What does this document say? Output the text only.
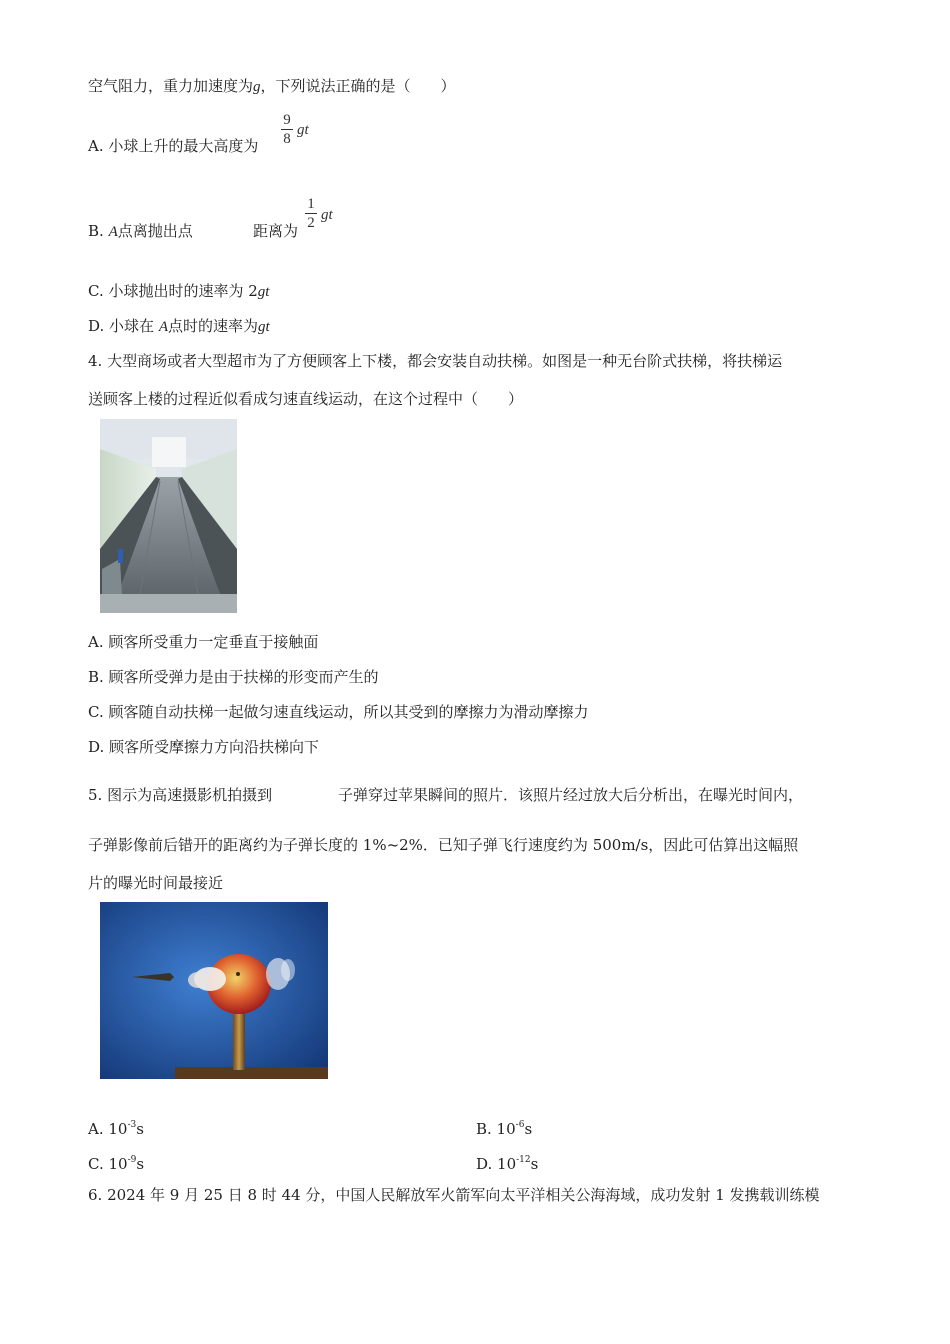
空气阻力，重力加速度为g，下列说法正确的是（　　）
A. 小球上升的最大高度为
9
8
gt
B. A点离抛出点	距离为
1
2 gt
C. 小球抛出时的速率为 2gt
D. 小球在 A点时的速率为gt
4. 大型商场或者大型超市为了方便顾客上下楼，都会安装自动扶梯。如图是一种无台阶式扶梯，将扶梯运
送顾客上楼的过程近似看成匀速直线运动，在这个过程中（　　）
A. 顾客所受重力一定垂直于接触面
B. 顾客所受弹力是由于扶梯的形变而产生的
C. 顾客随自动扶梯一起做匀速直线运动，所以其受到的摩擦力为滑动摩擦力
D. 顾客所受摩擦力方向沿扶梯向下
5. 图示为高速摄影机拍摄到	子弹穿过苹果瞬间的照片．该照片经过放大后分析出，在曝光时间内，
子弹影像前后错开的距离约为子弹长度的 1%~2%．已知子弹飞行速度约为 500m/s，因此可估算出这幅照
片的曝光时间最接近
A. $10^{-3}s$	B. $10^{-6}s$
C. $10^{-9}s$	D. $10^{-12}s$
6. 2024 年 9 月 25 日 8 时 44 分，中国人民解放军火箭军向太平洋相关公海海域，成功发射 1 发携载训练模
